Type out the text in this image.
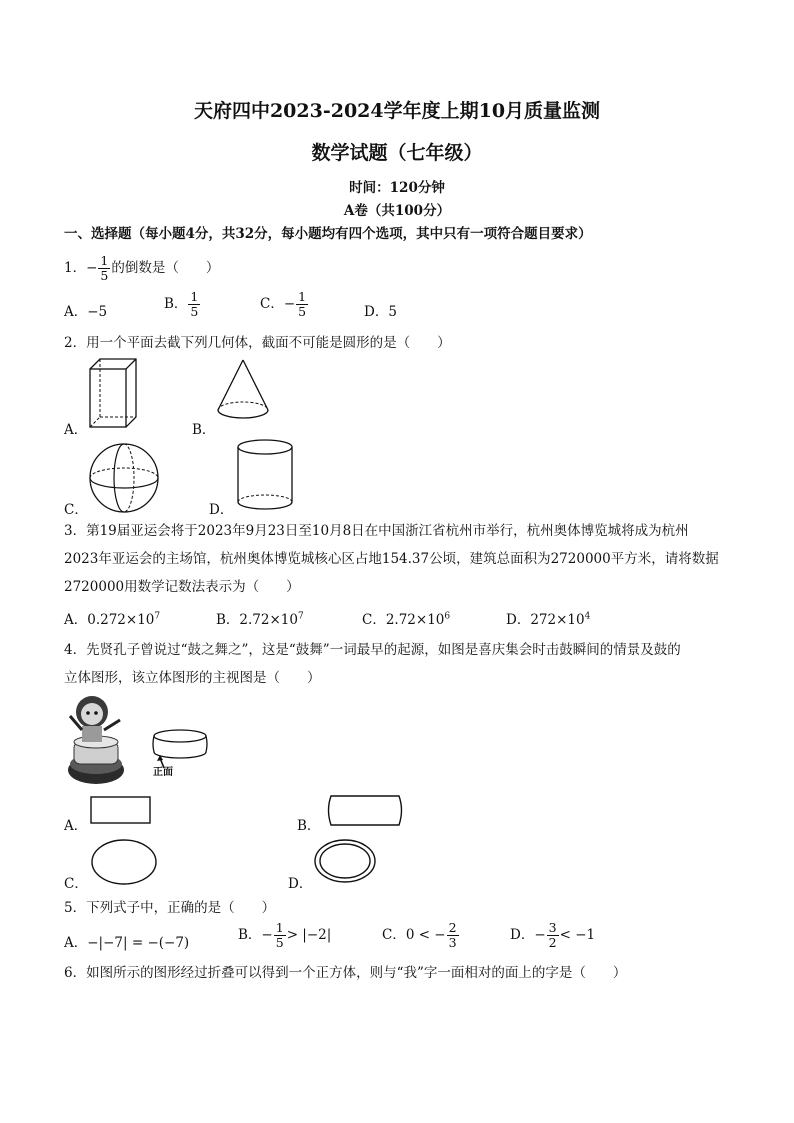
天府四中2023-2024学年度上期10月质量监测
数学试题（七年级）
时间：120分钟
A卷（共100分）
一、选择题（每小题4分，共32分，每小题均有四个选项，其中只有一项符合题目要求）
1．− $\frac{1}{5}$ 的倒数是（　　）
A．−5	B． $\frac{1}{5}$	C．− $\frac{1}{5}$	D．5
2．用一个平面去截下列几何体，截面不可能是圆形的是（　　）
A．	B．
C．	D．
3．第19届亚运会将于2023年9月23日至10月8日在中国浙江省杭州市举行，杭州奥体博览城将成为杭州
2023年亚运会的主场馆，杭州奥体博览城核心区占地154.37公顷，建筑总面积为2720000平方米，请将数据
2720000用数学记数法表示为（　　）
A．$0.272\times 10^7$	B．$2.72\times 10^7$	C．$2.72\times 10^6$	D．$272\times 10^4$
4．先贤孔子曾说过“鼓之舞之”，这是“鼓舞”一词最早的起源，如图是喜庆集会时击鼓瞬间的情景及鼓的
立体图形，该立体图形的主视图是（　　）
正面
A．	B．
C．	D．
5．下列式子中，正确的是（　　）
A．−|−7| = −(−7)	B．− $\frac{1}{5} > |-2|$	C．0 < − $\frac{2}{3}$	D．− $\frac{3}{2} < -1$
6．如图所示的图形经过折叠可以得到一个正方体，则与“我”字一面相对的面上的字是（　　）
